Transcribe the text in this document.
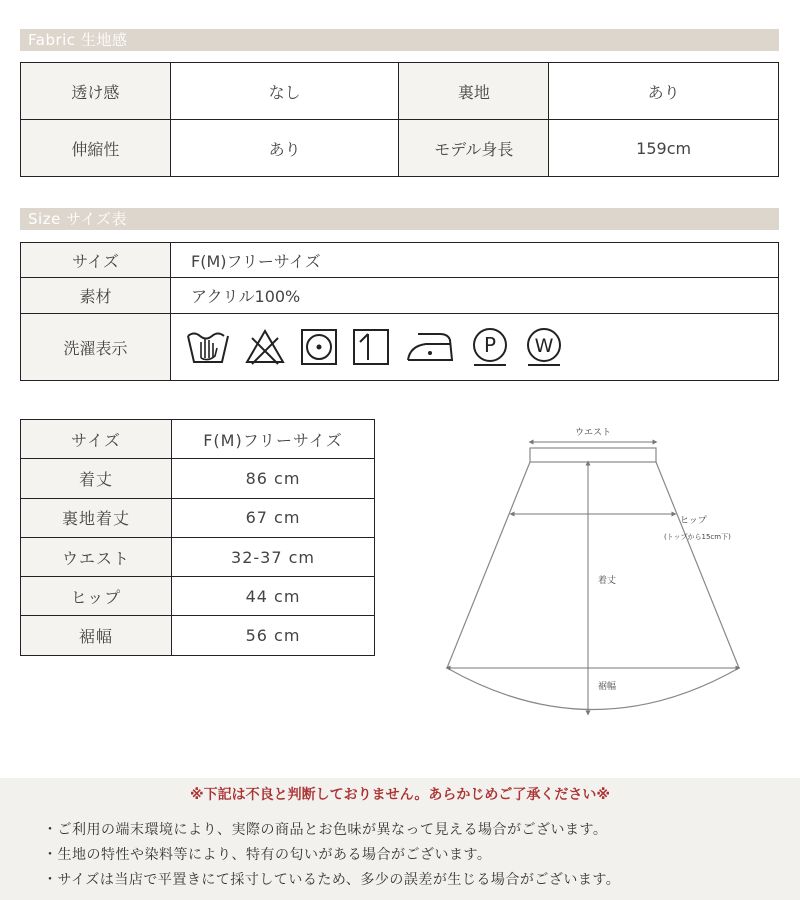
Fabric 生地感
透け感	なし	裏地	あり
伸縮性	あり	モデル身長	159cm
Size サイズ表
サイズ	F(M)フリーサイズ
素材	アクリル100%
洗濯表示	P W
サイズ	F(M)フリーサイズ
着丈	86 cm
裏地着丈	67 cm
ウエスト	32-37 cm
ヒップ	44 cm
裾幅	56 cm
ウエスト
ヒップ
(トップから15cm下)
着丈
裾幅
※下記は不良と判断しておりません。あらかじめご了承ください※
・ ご利用の端末環境により、実際の商品とお色味が異なって見える場合がございます。
・ 生地の特性や染料等により、特有の匂いがある場合がございます。
・ サイズは当店で平置きにて採寸しているため、多少の誤差が生じる場合がございます。
